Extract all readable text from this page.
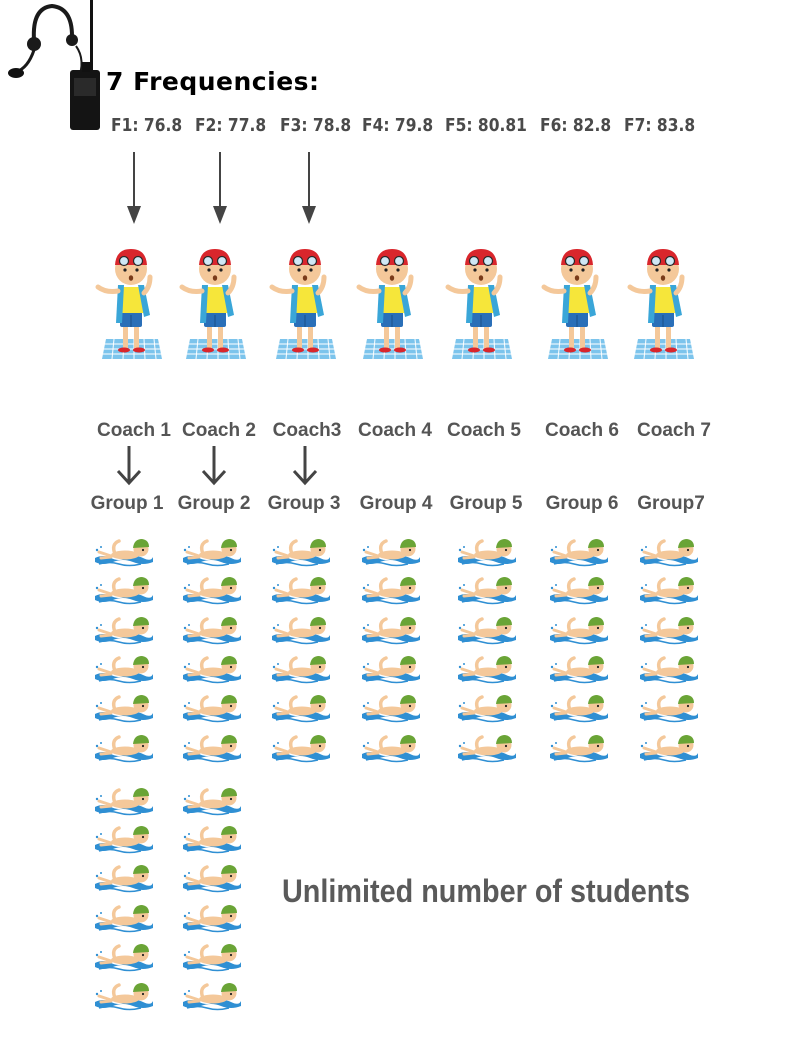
7 Frequencies:
F1: 76.8 F2: 77.8 F3: 78.8 F4: 79.8 F5: 80.81 F6: 82.8 F7: 83.8
Coach 1 Coach 2 Coach3 Coach 4 Coach 5	Coach 6 Coach 7
Group 1 Group 2 Group 3	Group 4 Group 5	Group 6 Group7
Unlimited number of students
